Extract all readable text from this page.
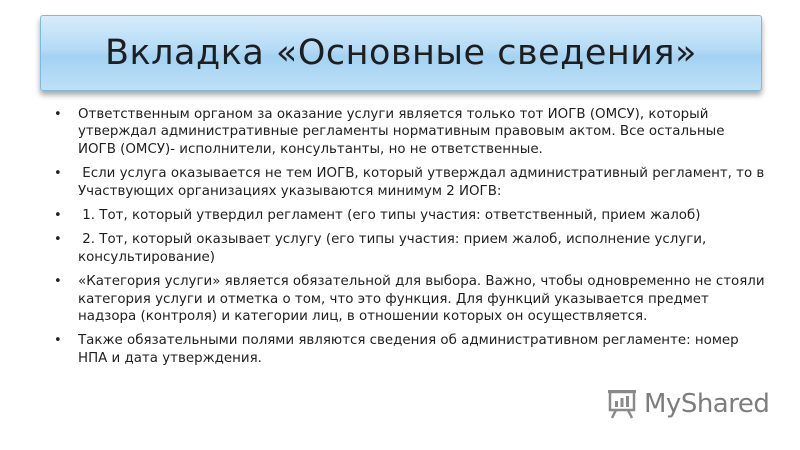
Вкладка «Основные сведения»
• Ответственным органом за оказание услуги является только тот ИОГВ (ОМСУ), который утверждал административные регламенты нормативным правовым актом. Все остальные ИОГВ (ОМСУ)- исполнители, консультанты, но не ответственные.
• Если услуга оказывается не тем ИОГВ, который утверждал административный регламент, то в Участвующих организациях указываются минимум 2 ИОГВ:
• 1. Тот, который утвердил регламент (его типы участия: ответственный, прием жалоб)
• 2. Тот, который оказывает услугу (его типы участия: прием жалоб, исполнение услуги, консультирование)
• «Категория услуги» является обязательной для выбора. Важно, чтобы одновременно не стояли категория услуги и отметка о том, что это функция. Для функций указывается предмет надзора (контроля) и категории лиц, в отношении которых он осуществляется.
• Также обязательными полями являются сведения об административном регламенте: номер НПА и дата утверждения.
MyShared
